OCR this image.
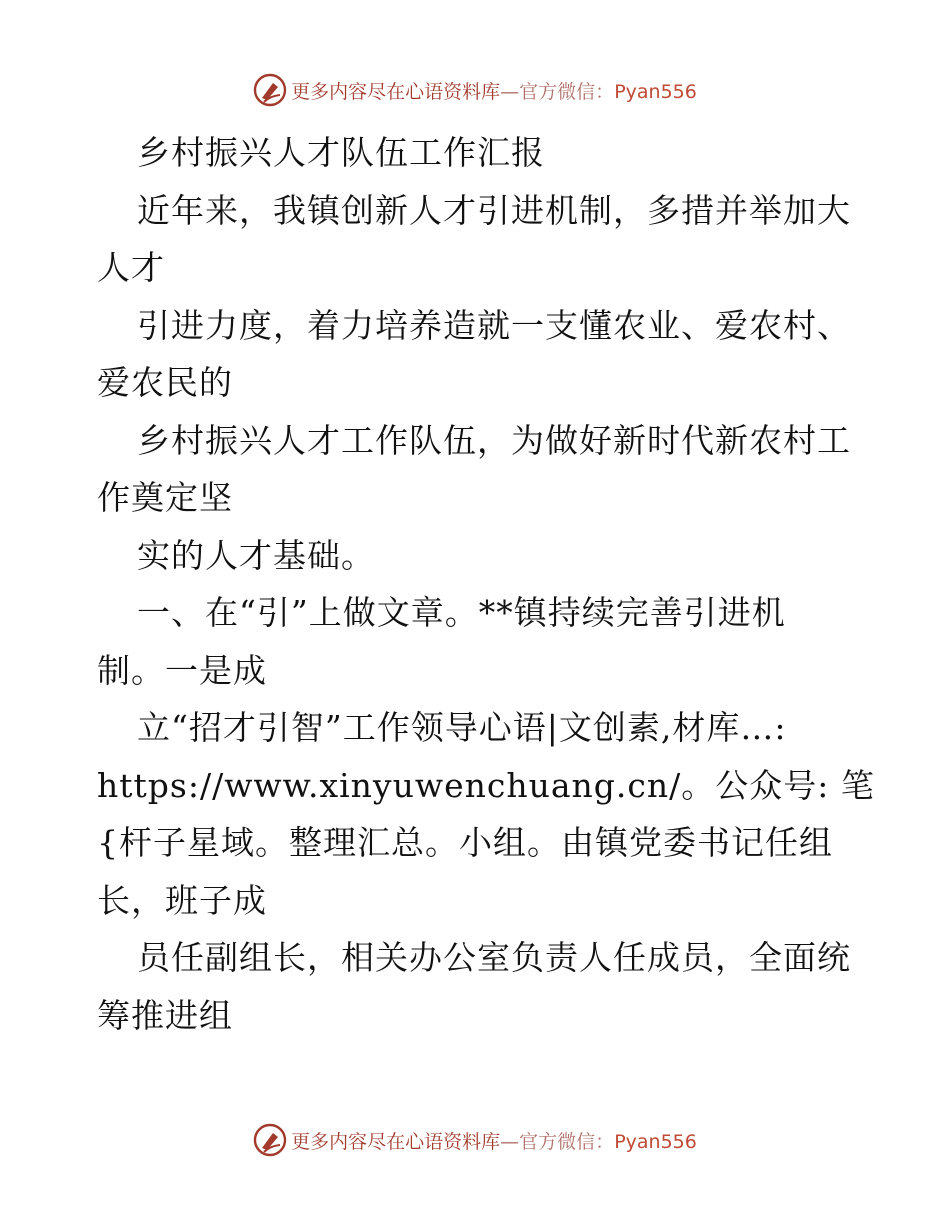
更多内容尽在心语资料库 —官方微信：Pyan556
乡村振兴人才队伍工作汇报
近年来，我镇创新人才引进机制，多措并举加大
人才
引进力度，着力培养造就一支懂农业、爱农村、
爱农民的
乡村振兴人才工作队伍，为做好新时代新农村工
作奠定坚
实的人才基础。
一、在“引”上做文章。**镇持续完善引进机
制。一是成
立“招才引智”工作领导心语|文创素,材库…:
https://www.xinyuwenchuang.cn/。公众号: 笔
{杆子星域。整理汇总。小组。由镇党委书记任组
长，班子成
员任副组长，相关办公室负责人任成员，全面统
筹推进组
更多内容尽在心语资料库 —官方微信：Pyan556
